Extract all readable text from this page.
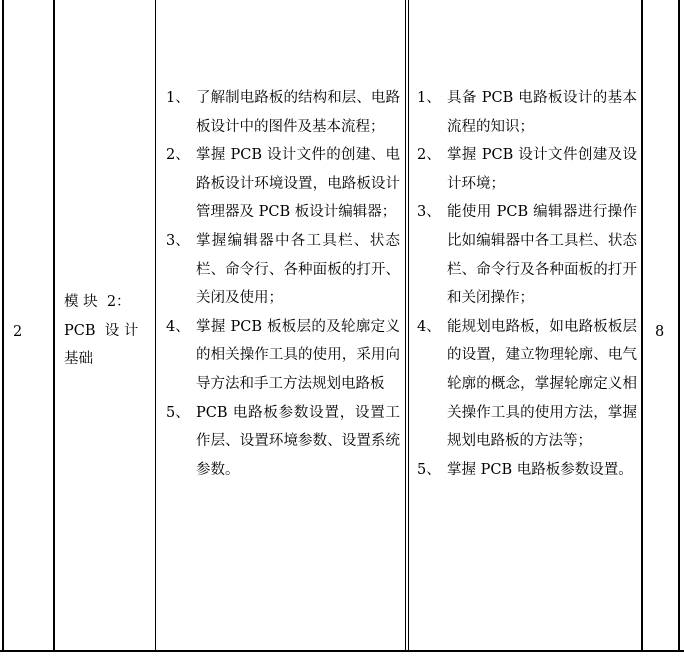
2
模 块  2：
PCB  设 计
基础
1、 了解制电路板的结构和层、电路板设计中的图件及基本流程；
2、 掌握 PCB 设计文件的创建、电路板设计环境设置，电路板设计管理器及 PCB 板设计编辑器；
3、 掌握编辑器中各工具栏、状态栏、命令行、各种面板的打开、关闭及使用；
4、 掌握 PCB 板板层的及轮廓定义的相关操作工具的使用，采用向导方法和手工方法规划电路板
5、 PCB 电路板参数设置，设置工作层、设置环境参数、设置系统参数。
1、 具备 PCB 电路板设计的基本流程的知识；
2、 掌握 PCB 设计文件创建及设计环境；
3、 能使用 PCB 编辑器进行操作比如编辑器中各工具栏、状态栏、命令行及各种面板的打开和关闭操作；
4、 能规划电路板，如电路板板层的设置，建立物理轮廓、电气轮廓的概念，掌握轮廓定义相关操作工具的使用方法，掌握规划电路板的方法等；
5、 掌握 PCB 电路板参数设置。
8
